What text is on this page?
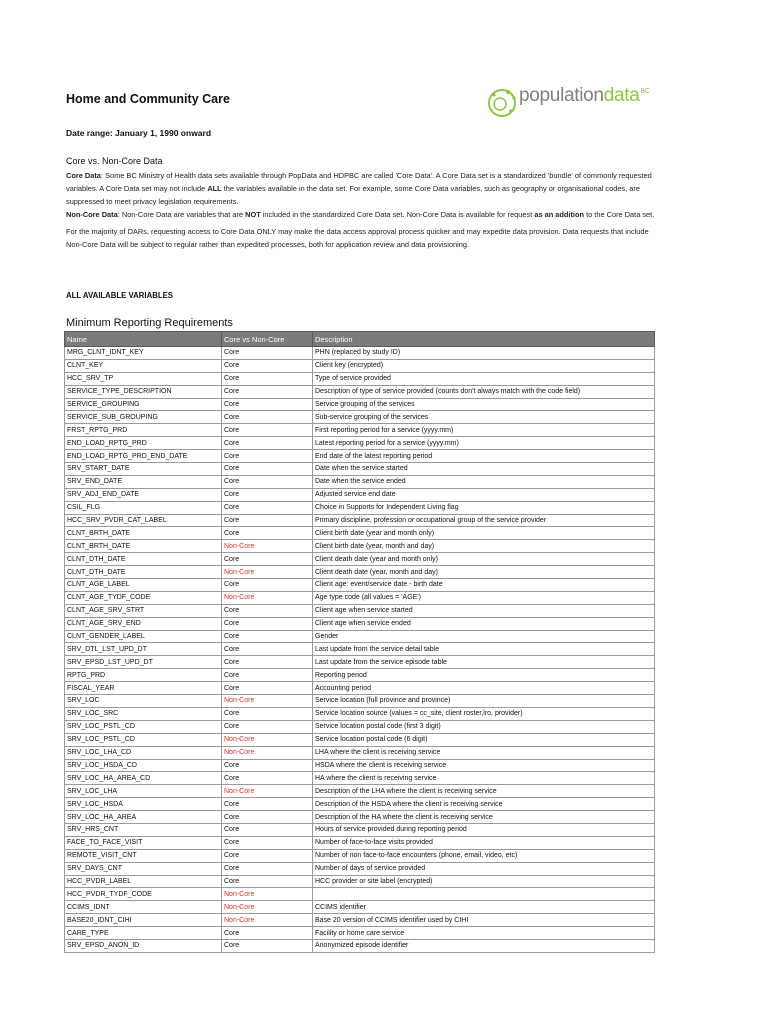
Home and Community Care	populationdata$^{BC}$
Date range: January 1, 1990 onward
Core vs. Non-Core Data

Core Data: Some BC Ministry of Health data sets available through PopData and HDPBC are called 'Core Data'. A Core Data set is a standardized 'bundle' of commonly requested variables. A Core Data set may not include ALL the variables available in the data set. For example, some Core Data variables, such as geography or organisational codes, are suppressed to meet privacy legislation requirements.

Non-Core Data: Non-Core Data are variables that are NOT included in the standardized Core Data set. Non-Core Data is available for request as an addition to the Core Data set.

For the majority of DARs, requesting access to Core Data ONLY may make the data access approval process quicker and may expedite data provision. Data requests that include Non-Core Data will be subject to regular rather than expedited processes, both for application review and data provisioning.

ALL AVAILABLE VARIABLES
Minimum Reporting Requirements
Name	Core vs Non-Core	Description
MRG_CLNT_IDNT_KEY	Core	PHN (replaced by study ID)
CLNT_KEY	Core	Client key (encrypted)
HCC_SRV_TP	Core	Type of service provided
SERVICE_TYPE_DESCRIPTION	Core	Description of type of service provided (counts don't always match with the code field)
SERVICE_GROUPING	Core	Service grouping of the services
SERVICE_SUB_GROUPING	Core	Sub-service grouping of the services
FRST_RPTG_PRD	Core	First reporting period for a service (yyyy.mm)
END_LOAD_RPTG_PRD	Core	Latest reporting period for a service (yyyy.mm)
END_LOAD_RPTG_PRD_END_DATE	Core	End date of the latest reporting period
SRV_START_DATE	Core	Date when the service started
SRV_END_DATE	Core	Date when the service ended
SRV_ADJ_END_DATE	Core	Adjusted service end date
CSIL_FLG	Core	Choice in Supports for Independent Living flag
HCC_SRV_PVDR_CAT_LABEL	Core	Primary discipline, profession or occupational group of the service provider
CLNT_BRTH_DATE	Core	Client birth date (year and month only)
CLNT_BRTH_DATE	Non-Core	Client birth date (year, month and day)
CLNT_DTH_DATE	Core	Client death date (year and month only)
CLNT_DTH_DATE	Non-Core	Client death date (year, month and day)
CLNT_AGE_LABEL	Core	Client age: event/service date - birth date
CLNT_AGE_TYDF_CODE	Non-Core	Age type code (all values = 'AGE')
CLNT_AGE_SRV_STRT	Core	Client age when service started
CLNT_AGE_SRV_END	Core	Client age when service ended
CLNT_GENDER_LABEL	Core	Gender
SRV_DTL_LST_UPD_DT	Core	Last update from the service detail table
SRV_EPSD_LST_UPD_DT	Core	Last update from the service episode table
RPTG_PRD	Core	Reporting period
FISCAL_YEAR	Core	Accounting period
SRV_LOC	Non-Core	Service location (full province and province)
SRV_LOC_SRC	Core	Service location source (values = cc_site, client roster,lro, provider)
SRV_LOC_PSTL_CD	Core	Service location postal code (first 3 digit)
SRV_LOC_PSTL_CD	Non-Core	Service location postal code (6 digit)
SRV_LOC_LHA_CD	Non-Core	LHA where the client is receiving service
SRV_LOC_HSDA_CD	Core	HSDA where the client is receiving service
SRV_LOC_HA_AREA_CD	Core	HA where the client is receiving service
SRV_LOC_LHA	Non-Core	Description of the LHA where the client is receiving service
SRV_LOC_HSDA	Core	Description of the HSDA where the client is receiving service
SRV_LOC_HA_AREA	Core	Description of the HA where the client is receiving service
SRV_HRS_CNT	Core	Hours of service provided during reporting period
FACE_TO_FACE_VISIT	Core	Number of face-to-face visits provided
REMOTE_VISIT_CNT	Core	Number of non face-to-face encounters (phone, email, video, etc)
SRV_DAYS_CNT	Core	Number of days of service provided
HCC_PVDR_LABEL	Core	HCC provider or site label (encrypted)
HCC_PVDR_TYDF_CODE	Non-Core	
CCIMS_IDNT	Non-Core	CCIMS identifier
BASE20_IDNT_CIHI	Non-Core	Base 20 version of CCIMS identifier used by CIHI
CARE_TYPE	Core	Facility or home care service
SRV_EPSD_ANON_ID	Core	Anonymized episode identifier
